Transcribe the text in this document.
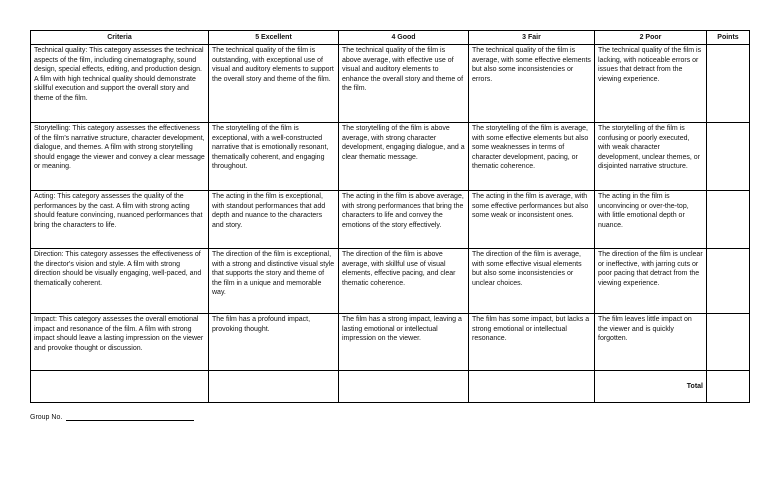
Criteria	5 Excellent	4 Good	3 Fair	2 Poor	Points
Technical quality: This category assesses the technical aspects of the film, including cinematography, sound design, special effects, editing, and production design. A film with high technical quality should demonstrate skillful execution and support the overall story and theme of the film.	The technical quality of the film is outstanding, with exceptional use of visual and auditory elements to support the overall story and theme of the film.	The technical quality of the film is above average, with effective use of visual and auditory elements to enhance the overall story and theme of the film.	The technical quality of the film is average, with some effective elements but also some inconsistencies or errors.	The technical quality of the film is lacking, with noticeable errors or issues that detract from the viewing experience.	
Storytelling: This category assesses the effectiveness of the film's narrative structure, character development, dialogue, and themes. A film with strong storytelling should engage the viewer and convey a clear message or meaning.	The storytelling of the film is exceptional, with a well-constructed narrative that is emotionally resonant, thematically coherent, and engaging throughout.	The storytelling of the film is above average, with strong character development, engaging dialogue, and a clear thematic message.	The storytelling of the film is average, with some effective elements but also some weaknesses in terms of character development, pacing, or thematic coherence.	The storytelling of the film is confusing or poorly executed, with weak character development, unclear themes, or disjointed narrative structure.	
Acting: This category assesses the quality of the performances by the cast. A film with strong acting should feature convincing, nuanced performances that bring the characters to life.	The acting in the film is exceptional, with standout performances that add depth and nuance to the characters and story.	The acting in the film is above average, with strong performances that bring the characters to life and convey the emotions of the story effectively.	The acting in the film is average, with some effective performances but also some weak or inconsistent ones.	The acting in the film is unconvincing or over-the-top, with little emotional depth or nuance.	
Direction: This category assesses the effectiveness of the director's vision and style. A film with strong direction should be visually engaging, well-paced, and thematically coherent.	The direction of the film is exceptional, with a strong and distinctive visual style that supports the story and theme of the film in a unique and memorable way.	The direction of the film is above average, with skillful use of visual elements, effective pacing, and clear thematic coherence.	The direction of the film is average, with some effective visual elements but also some inconsistencies or unclear choices.	The direction of the film is unclear or ineffective, with jarring cuts or poor pacing that detract from the viewing experience.	
Impact: This category assesses the overall emotional impact and resonance of the film. A film with strong impact should leave a lasting impression on the viewer and provoke thought or discussion.	The film has a profound impact, provoking thought.	The film has a strong impact, leaving a lasting emotional or intellectual impression on the viewer.	The film has some impact, but lacks a strong emotional or intellectual resonance.	The film leaves little impact on the viewer and is quickly forgotten.	
				Total	
Group No.
